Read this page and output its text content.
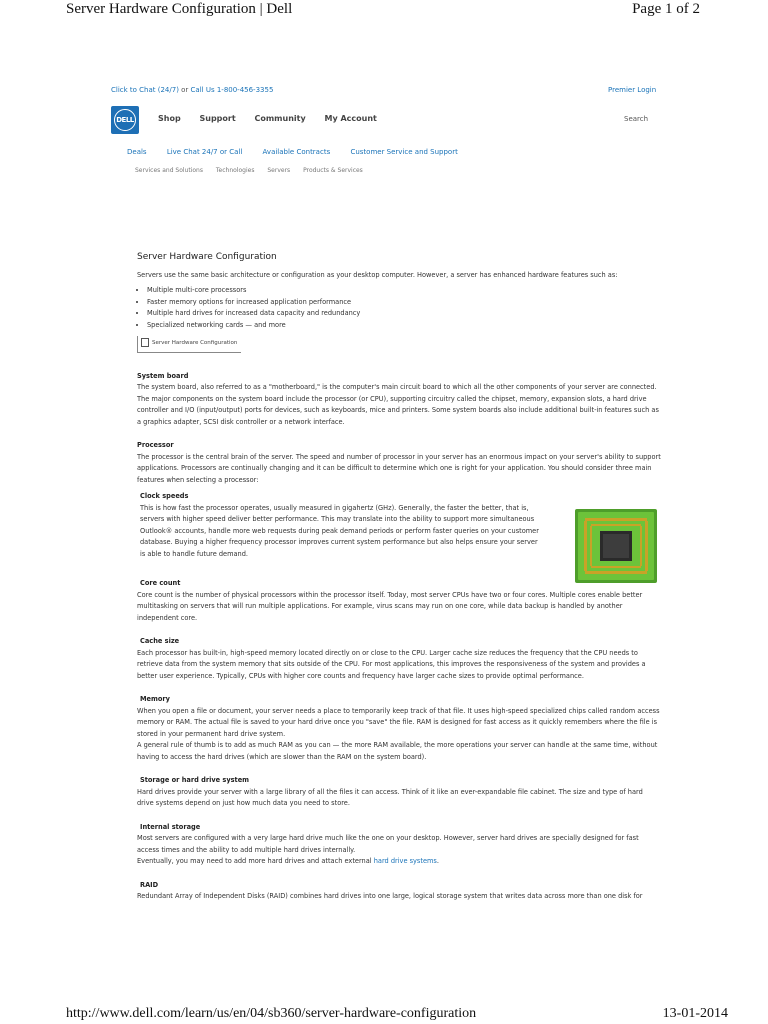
Server Hardware Configuration | Dell	Page 1 of 2
Click to Chat (24/7) or Call Us 1-800-456-3355	Premier Login
DELL	Shop Support Community My Account	Search
Deals	Live Chat 24/7 or Call	Available Contracts	Customer Service and Support
Services and Solutions Technologies Servers Products & Services
Server Hardware Configuration

Servers use the same basic architecture or configuration as your desktop computer. However, a server has enhanced hardware features such as:

• Multiple multi-core processors
• Faster memory options for increased application performance
• Multiple hard drives for increased data capacity and redundancy
• Specialized networking cards — and more
Server Hardware Configuration
System board

The system board, also referred to as a "motherboard," is the computer's main circuit board to which all the other components of your server are connected.

The major components on the system board include the processor (or CPU), supporting circuitry called the chipset, memory, expansion slots, a hard drive controller and I/O (input/output) ports for devices, such as keyboards, mice and printers. Some system boards also include additional built-in features such as a graphics adapter, SCSI disk controller or a network interface.

Processor

The processor is the central brain of the server. The speed and number of processor in your server has an enormous impact on your server's ability to support applications. Processors are continually changing and it can be difficult to determine which one is right for your application. You should consider three main features when selecting a processor:

Clock speeds

This is how fast the processor operates, usually measured in gigahertz (GHz). Generally, the faster the better, that is, servers with higher speed deliver better performance. This may translate into the ability to support more simultaneous Outlook® accounts, handle more web requests during peak demand periods or perform faster queries on your customer database. Buying a higher frequency processor improves current system performance but also helps ensure your server is able to handle future demand.

Core count

Core count is the number of physical processors within the processor itself. Today, most server CPUs have two or four cores. Multiple cores enable better multitasking on servers that will run multiple applications. For example, virus scans may run on one core, while data backup is handled by another independent core.

Cache size

Each processor has built-in, high-speed memory located directly on or close to the CPU. Larger cache size reduces the frequency that the CPU needs to retrieve data from the system memory that sits outside of the CPU. For most applications, this improves the responsiveness of the system and provides a better user experience. Typically, CPUs with higher core counts and frequency have larger cache sizes to provide optimal performance.

Memory

When you open a file or document, your server needs a place to temporarily keep track of that file. It uses high-speed specialized chips called random access memory or RAM. The actual file is saved to your hard drive once you "save" the file. RAM is designed for fast access as it quickly remembers where the file is stored in your permanent hard drive system.

A general rule of thumb is to add as much RAM as you can — the more RAM available, the more operations your server can handle at the same time, without having to access the hard drives (which are slower than the RAM on the system board).

Storage or hard drive system

Hard drives provide your server with a large library of all the files it can access. Think of it like an ever-expandable file cabinet. The size and type of hard drive systems depend on just how much data you need to store.

Internal storage

Most servers are configured with a very large hard drive much like the one on your desktop. However, server hard drives are specially designed for fast access times and the ability to add multiple hard drives internally.

Eventually, you may need to add more hard drives and attach external hard drive systems.

RAID

Redundant Array of Independent Disks (RAID) combines hard drives into one large, logical storage system that writes data across more than one disk for

http://www.dell.com/learn/us/en/04/sb360/server-hardware-configuration	13-01-2014
